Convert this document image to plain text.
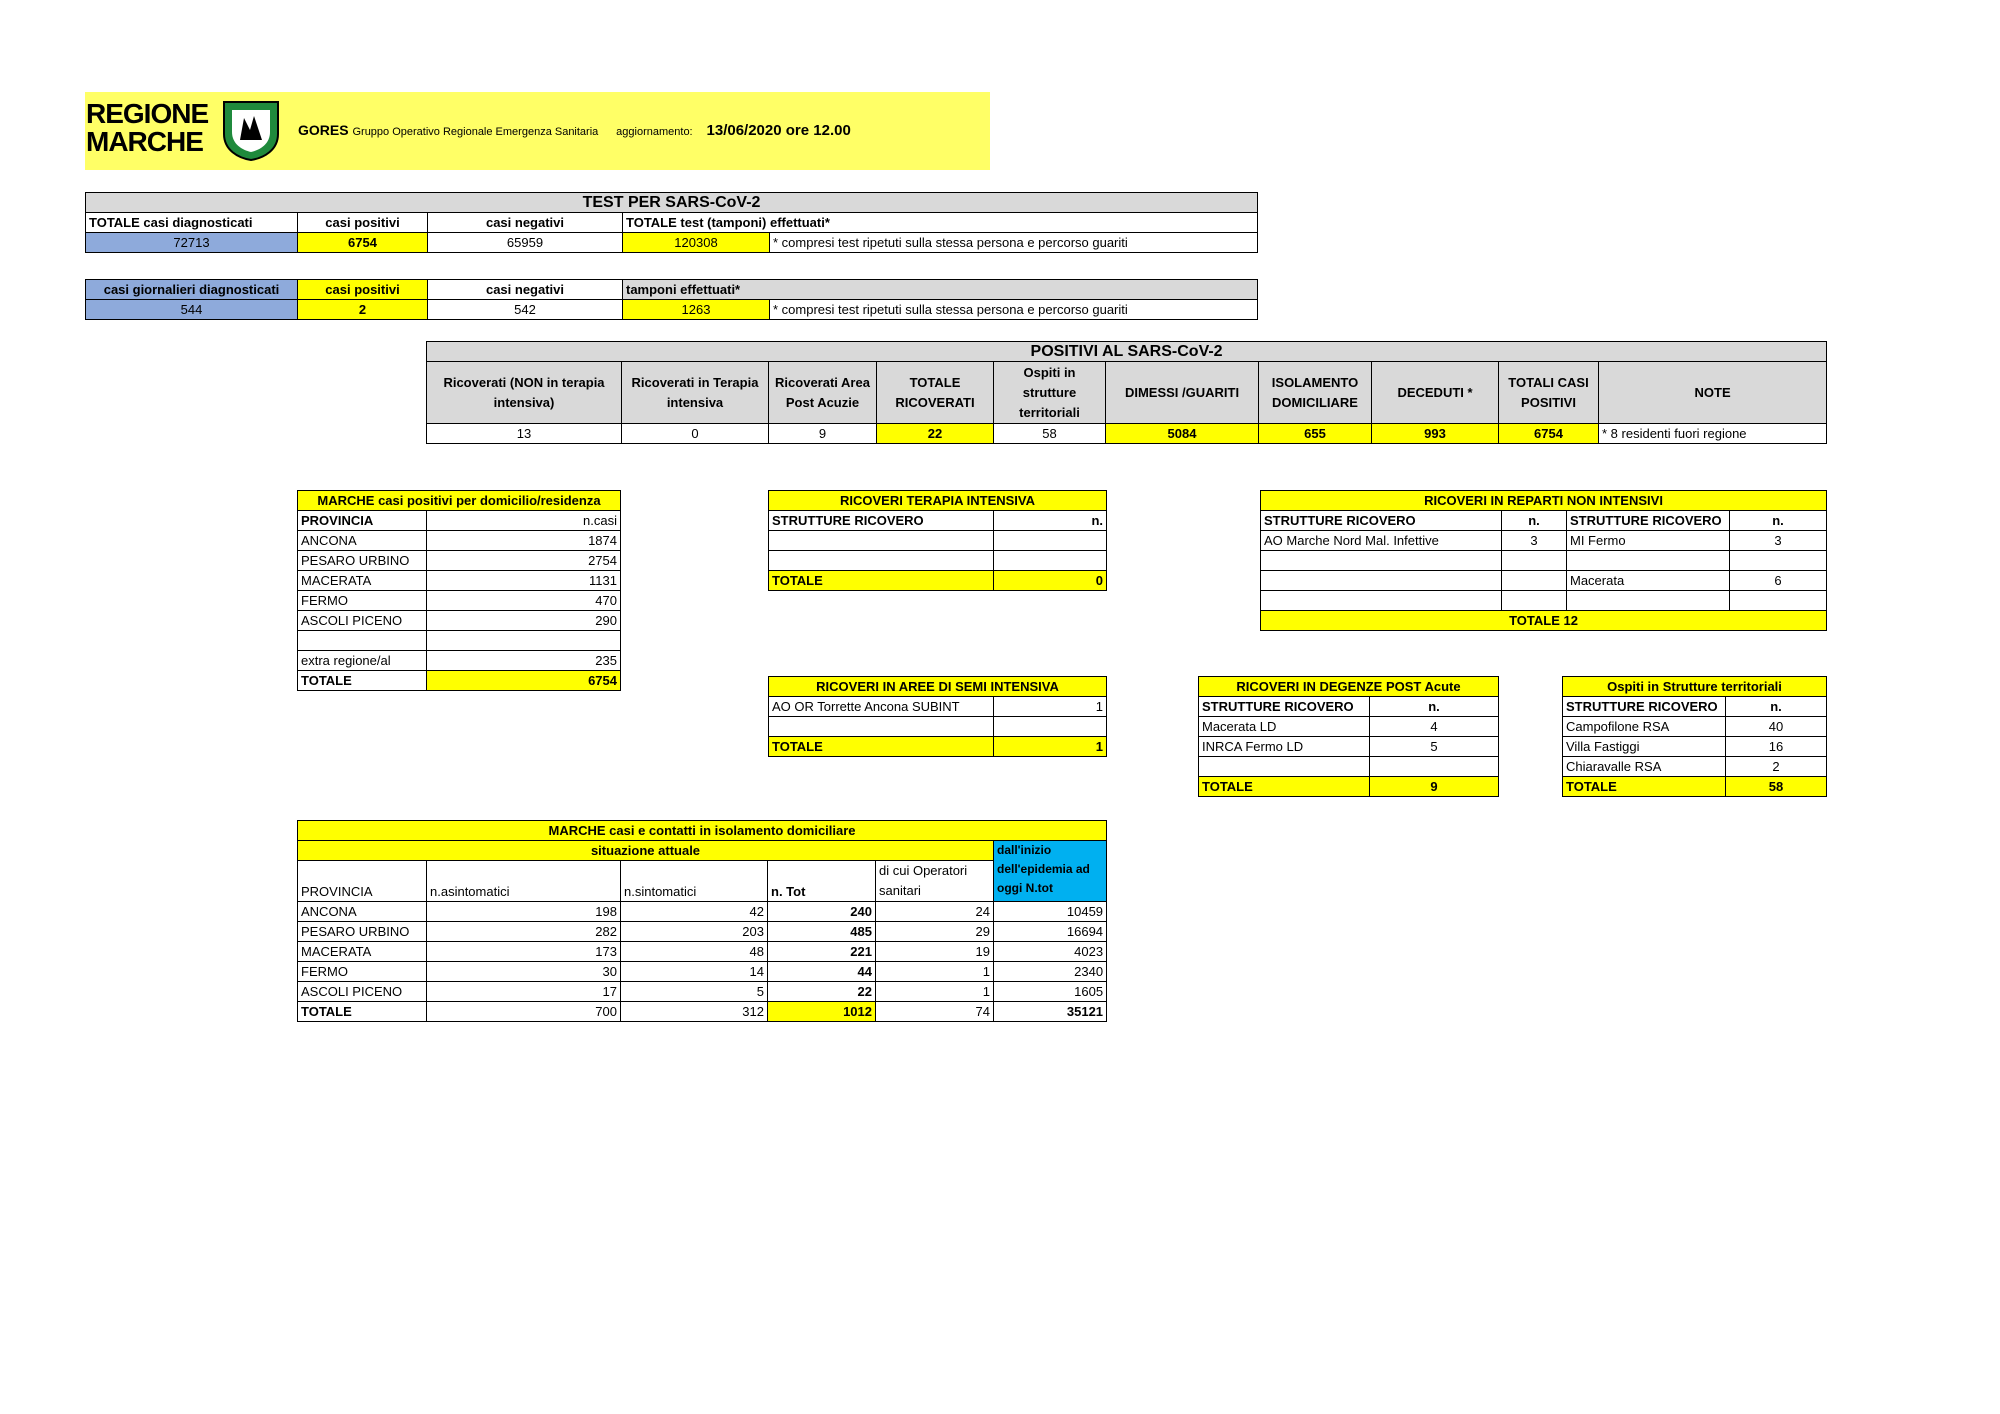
REGIONE
MARCHE	GORES Gruppo Operativo Regionale Emergenza Sanitaria aggiornamento: 13/06/2020 ore 12.00
TEST PER SARS-CoV-2				
TOTALE casi diagnosticati	casi positivi	casi negativi	TOTALE test (tamponi) effettuati*	
72713	6754	65959	120308	* compresi test ripetuti sulla stessa persona e percorso guariti
casi giornalieri diagnosticati	casi positivi	casi negativi	tamponi effettuati*	
544	2	542	1263	* compresi test ripetuti sulla stessa persona e percorso guariti
POSITIVI AL SARS-CoV-2									
Ricoverati (NON in terapia intensiva)	Ricoverati in Terapia intensiva	Ricoverati Area Post Acuzie	TOTALE RICOVERATI	Ospiti in strutture territoriali	DIMESSI /GUARITI	ISOLAMENTO DOMICILIARE	DECEDUTI *	TOTALI CASI POSITIVI	NOTE
13	0	9	22	58	5084	655	993	6754	* 8 residenti fuori regione
MARCHE casi positivi per domicilio/residenza	
PROVINCIA	n.casi
ANCONA	1874
PESARO URBINO	2754
MACERATA	1131
FERMO	470
ASCOLI PICENO	290

extra regione/al	235
TOTALE	6754
RICOVERI TERAPIA INTENSIVA	
STRUTTURE RICOVERO	n.

TOTALE	0
RICOVERI IN REPARTI NON INTENSIVI			
STRUTTURE RICOVERO	n.	STRUTTURE RICOVERO	n.
AO Marche Nord Mal. Infettive	3	MI Fermo	3

		Macerata	6

TOTALE 12			
RICOVERI IN AREE DI SEMI INTENSIVA	
AO OR Torrette Ancona SUBINT	1

TOTALE	1
RICOVERI IN DEGENZE POST Acute	
STRUTTURE RICOVERO	n.
Macerata LD	4
INRCA Fermo LD	5

TOTALE	9
Ospiti in Strutture territoriali	
STRUTTURE RICOVERO	n.
Campofilone RSA	40
Villa Fastiggi	16
Chiaravalle RSA	2
TOTALE	58
MARCHE casi e contatti in isolamento domiciliare					
situazione attuale					dall'inizio dell'epidemia ad oggi N.tot
PROVINCIA	n.asintomatici	n.sintomatici	n. Tot	di cui Operatori sanitari	

ANCONA	198	42	240	24	10459
PESARO URBINO	282	203	485	29	16694
MACERATA	173	48	221	19	4023
FERMO	30	14	44	1	2340
ASCOLI PICENO	17	5	22	1	1605
TOTALE	700	312	1012	74	35121
